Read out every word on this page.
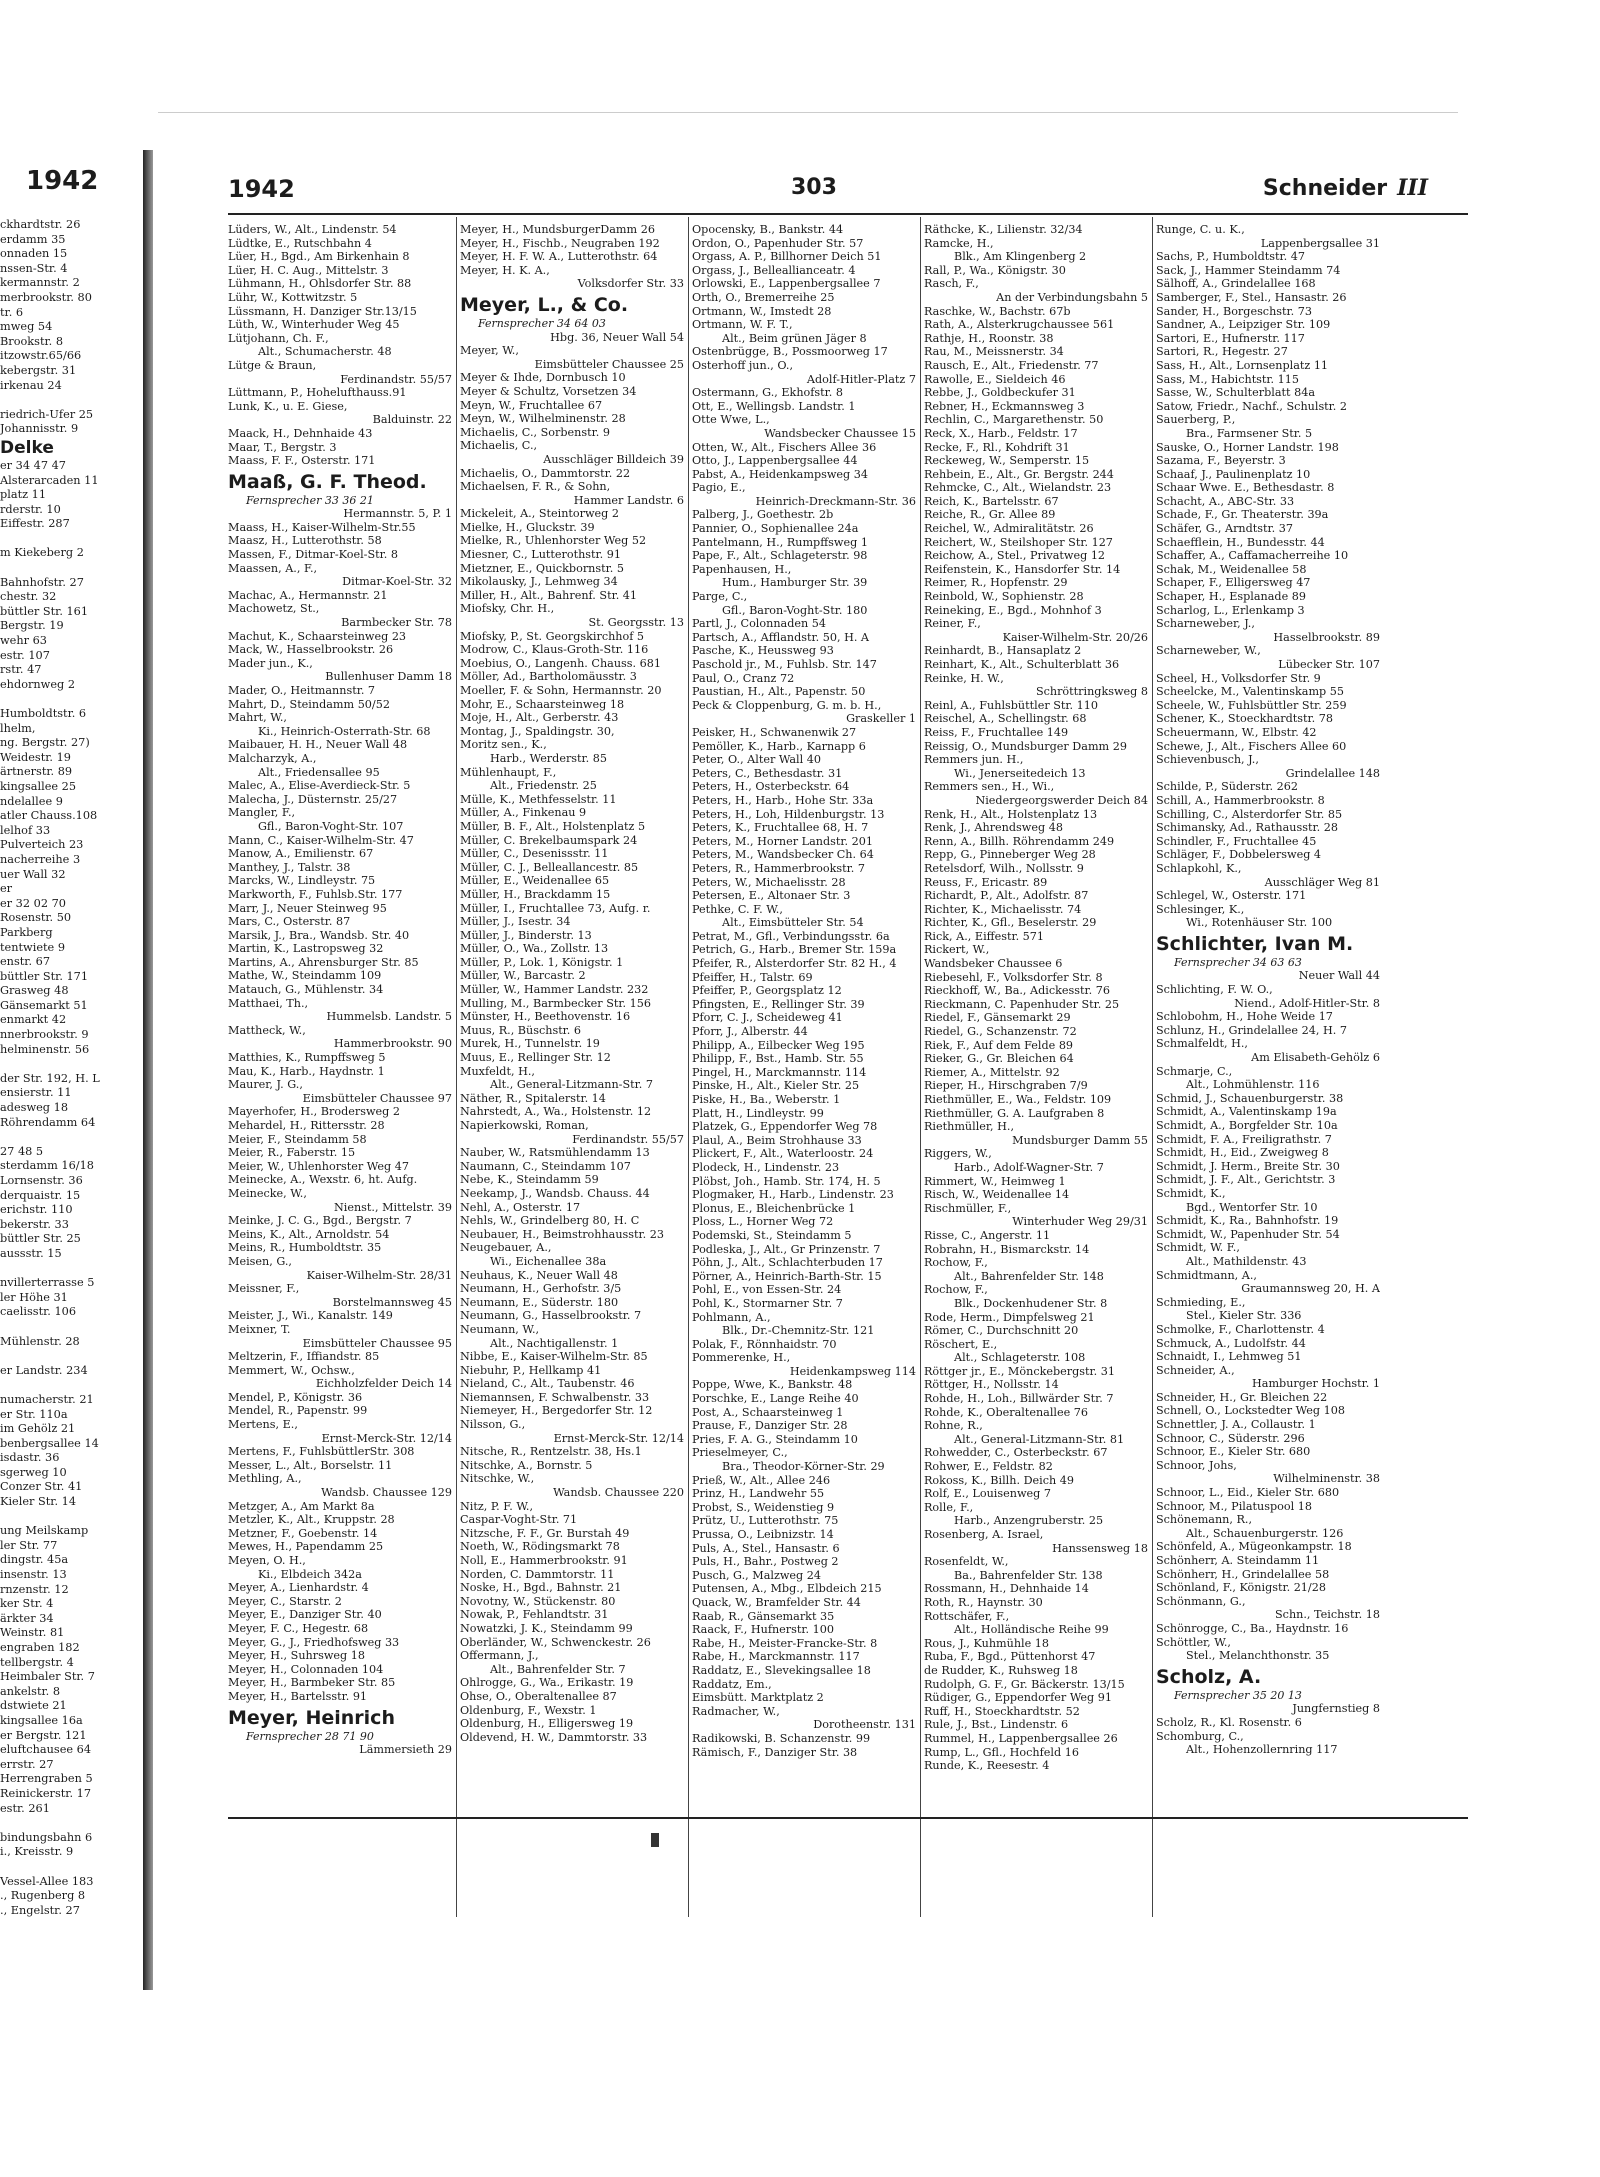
1942
ckhardtstr. 26
erdamm 35
onnaden 15
nssen-Str. 4
kermannstr. 2
merbrookstr. 80
tr. 6
mweg 54
Brookstr. 8
itzowstr.65/66
kebergstr. 31
irkenau 24

riedrich-Ufer 25
Johannisstr. 9
Delke
er 34 47 47
Alsterarcaden 11
platz 11
rderstr. 10
Eiffestr. 287

m Kiekeberg 2

Bahnhofstr. 27
chestr. 32
büttler Str. 161
Bergstr. 19
wehr 63
estr. 107
rstr. 47
ehdornweg 2

Humboldtstr. 6
lhelm,
ng. Bergstr. 27)
Weidestr. 19
ärtnerstr. 89
kingsallee 25
ndelallee 9
atler Chauss.108
lelhof 33
Pulverteich 23
nacherreihe 3
uer Wall 32
er
er 32 02 70
Rosenstr. 50
Parkberg
tentwiete 9
enstr. 67
büttler Str. 171
Grasweg 48
Gänsemarkt 51
enmarkt 42
nnerbrookstr. 9
helminenstr. 56

der Str. 192, H. L
ensierstr. 11
adesweg 18
Röhrendamm 64

27 48 5
sterdamm 16/18
Lornsenstr. 36
derquaistr. 15
erichstr. 110
bekerstr. 33
büttler Str. 25
aussstr. 15

nvillerterrasse 5
ler Höhe 31
caelisstr. 106

Mühlenstr. 28

er Landstr. 234

numacherstr. 21
er Str. 110a
im Gehölz 21
benbergsallee 14
isdastr. 36
sgerweg 10
Conzer Str. 41
Kieler Str. 14

ung Meilskamp
ler Str. 77
dingstr. 45a
insenstr. 13
rnzenstr. 12
ker Str. 4
ärkter 34
Weinstr. 81
engraben 182
tellbergstr. 4
Heimbaler Str. 7
ankelstr. 8
dstwiete 21
kingsallee 16a
er Bergstr. 121
eluftchausee 64
errstr. 27
Herrengraben 5
Reinickerstr. 17
estr. 261

bindungsbahn 6
i., Kreisstr. 9

Vessel-Allee 183
., Rugenberg 8
., Engelstr. 27
1942	303	Schneider III
Lüders, W., Alt., Lindenstr. 54
Lüdtke, E., Rutschbahn 4
Lüer, H., Bgd., Am Birkenhain 8
Lüer, H. C. Aug., Mittelstr. 3
Lühmann, H., Ohlsdorfer Str. 88
Lühr, W., Kottwitzstr. 5
Lüssmann, H. Danziger Str.13/15
Lüth, W., Winterhuder Weg 45
Lütjohann, Ch. F.,
Alt., Schumacherstr. 48
Lütge & Braun,
Ferdinandstr. 55/57
Lüttmann, P., Hohelufthauss.91
Lunk, K., u. E. Giese,
Balduinstr. 22
Maack, H., Dehnhaide 43
Maar, T., Bergstr. 3
Maass, F. F., Osterstr. 171
Maaß, G. F. Theod.
Fernsprecher 33 36 21
Hermannstr. 5, P. 1
Maass, H., Kaiser-Wilhelm-Str.55
Maasz, H., Lutterothstr. 58
Massen, F., Ditmar-Koel-Str. 8
Maassen, A., F.,
Ditmar-Koel-Str. 32
Machac, A., Hermannstr. 21
Machowetz, St.,
Barmbecker Str. 78
Machut, K., Schaarsteinweg 23
Mack, W., Hasselbrookstr. 26
Mader jun., K.,
Bullenhuser Damm 18
Mader, O., Heitmannstr. 7
Mahrt, D., Steindamm 50/52
Mahrt, W.,
Ki., Heinrich-Osterrath-Str. 68
Maibauer, H. H., Neuer Wall 48
Malcharzyk, A.,
Alt., Friedensallee 95
Malec, A., Elise-Averdieck-Str. 5
Malecha, J., Düsternstr. 25/27
Mangler, F.,
Gfl., Baron-Voght-Str. 107
Mann, C., Kaiser-Wilhelm-Str. 47
Manow, A., Emilienstr. 67
Manthey, J., Talstr. 38
Marcks, W., Lindleystr. 75
Markworth, F., Fuhlsb.Str. 177
Marr, J., Neuer Steinweg 95
Mars, C., Osterstr. 87
Marsik, J., Bra., Wandsb. Str. 40
Martin, K., Lastropsweg 32
Martins, A., Ahrensburger Str. 85
Mathe, W., Steindamm 109
Matauch, G., Mühlenstr. 34
Matthaei, Th.,
Hummelsb. Landstr. 5
Mattheck, W.,
Hammerbrookstr. 90
Matthies, K., Rumpffsweg 5
Mau, K., Harb., Haydnstr. 1
Maurer, J. G.,
Eimsbütteler Chaussee 97
Mayerhofer, H., Brodersweg 2
Mehardel, H., Rittersstr. 28
Meier, F., Steindamm 58
Meier, R., Faberstr. 15
Meier, W., Uhlenhorster Weg 47
Meinecke, A., Wexstr. 6, ht. Aufg.
Meinecke, W.,
Nienst., Mittelstr. 39
Meinke, J. C. G., Bgd., Bergstr. 7
Meins, K., Alt., Arnoldstr. 54
Meins, R., Humboldtstr. 35
Meisen, G.,
Kaiser-Wilhelm-Str. 28/31
Meissner, F.,
Borstelmannsweg 45
Meister, J., Wi., Kanalstr. 149
Meixner, T.
Eimsbütteler Chaussee 95
Meltzerin, F., Iffiandstr. 85
Memmert, W., Ochsw.,
Eichholzfelder Deich 14
Mendel, P., Königstr. 36
Mendel, R., Papenstr. 99
Mertens, E.,
Ernst-Merck-Str. 12/14
Mertens, F., FuhlsbüttlerStr. 308
Messer, L., Alt., Borselstr. 11
Methling, A.,
Wandsb. Chaussee 129
Metzger, A., Am Markt 8a
Metzler, K., Alt., Kruppstr. 28
Metzner, F., Goebenstr. 14
Mewes, H., Papendamm 25
Meyen, O. H.,
Ki., Elbdeich 342a
Meyer, A., Lienhardstr. 4
Meyer, C., Starstr. 2
Meyer, E., Danziger Str. 40
Meyer, F. C., Hegestr. 68
Meyer, G., J., Friedhofsweg 33
Meyer, H., Suhrsweg 18
Meyer, H., Colonnaden 104
Meyer, H., Barmbeker Str. 85
Meyer, H., Bartelsstr. 91
Meyer, Heinrich
Fernsprecher 28 71 90
Lämmersieth 29
Meyer, H., MundsburgerDamm 26
Meyer, H., Fischb., Neugraben 192
Meyer, H. F. W. A., Lutterothstr. 64
Meyer, H. K. A.,
Volksdorfer Str. 33
Meyer, L., & Co.
Fernsprecher 34 64 03
Hbg. 36, Neuer Wall 54
Meyer, W.,
Eimsbütteler Chaussee 25
Meyer & Ihde, Dornbusch 10
Meyer & Schultz, Vorsetzen 34
Meyn, W., Fruchtallee 67
Meyn, W., Wilhelminenstr. 28
Michaelis, C., Sorbenstr. 9
Michaelis, C.,
Ausschläger Billdeich 39
Michaelis, O., Dammtorstr. 22
Michaelsen, F. R., & Sohn,
Hammer Landstr. 6
Mickeleit, A., Steintorweg 2
Mielke, H., Gluckstr. 39
Mielke, R., Uhlenhorster Weg 52
Miesner, C., Lutterothstr. 91
Mietzner, E., Quickbornstr. 5
Mikolausky, J., Lehmweg 34
Miller, H., Alt., Bahrenf. Str. 41
Miofsky, Chr. H.,
St. Georgsstr. 13
Miofsky, P., St. Georgskirchhof 5
Modrow, C., Klaus-Groth-Str. 116
Moebius, O., Langenh. Chauss. 681
Möller, Ad., Bartholomäusstr. 3
Moeller, F. & Sohn, Hermannstr. 20
Mohr, E., Schaarsteinweg 18
Moje, H., Alt., Gerberstr. 43
Montag, J., Spaldingstr. 30,
Moritz sen., K.,
Harb., Werderstr. 85
Mühlenhaupt, F.,
Alt., Friedenstr. 25
Mülle, K., Methfesselstr. 11
Müller, A., Finkenau 9
Müller, B. F., Alt., Holstenplatz 5
Müller, C. Brekelbaumspark 24
Müller, C., Desenissstr. 11
Müller, C. J., Belleallancestr. 85
Müller, E., Weidenallee 65
Müller, H., Brackdamm 15
Müller, I., Fruchtallee 73, Aufg. r.
Müller, J., Isestr. 34
Müller, J., Binderstr. 13
Müller, O., Wa., Zollstr. 13
Müller, P., Lok. 1, Königstr. 1
Müller, W., Barcastr. 2
Müller, W., Hammer Landstr. 232
Mulling, M., Barmbecker Str. 156
Münster, H., Beethovenstr. 16
Muus, R., Büschstr. 6
Murek, H., Tunnelstr. 19
Muus, E., Rellinger Str. 12
Muxfeldt, H.,
Alt., General-Litzmann-Str. 7
Näther, R., Spitalerstr. 14
Nahrstedt, A., Wa., Holstenstr. 12
Napierkowski, Roman,
Ferdinandstr. 55/57
Nauber, W., Ratsmühlendamm 13
Naumann, C., Steindamm 107
Nebe, K., Steindamm 59
Neekamp, J., Wandsb. Chauss. 44
Nehl, A., Osterstr. 17
Nehls, W., Grindelberg 80, H. C
Neubauer, H., Beimstrohhausstr. 23
Neugebauer, A.,
Wi., Eichenallee 38a
Neuhaus, K., Neuer Wall 48
Neumann, H., Gerhofstr. 3/5
Neumann, E., Süderstr. 180
Neumann, G., Hasselbrookstr. 7
Neumann, W.,
Alt., Nachtigallenstr. 1
Nibbe, E., Kaiser-Wilhelm-Str. 85
Niebuhr, P., Hellkamp 41
Nieland, C., Alt., Taubenstr. 46
Niemannsen, F. Schwalbenstr. 33
Niemeyer, H., Bergedorfer Str. 12
Nilsson, G.,
Ernst-Merck-Str. 12/14
Nitsche, R., Rentzelstr. 38, Hs.1
Nitschke, A., Bornstr. 5
Nitschke, W.,
Wandsb. Chaussee 220
Nitz, P. F. W.,
Caspar-Voght-Str. 71
Nitzsche, F. F., Gr. Burstah 49
Noeth, W., Rödingsmarkt 78
Noll, E., Hammerbrookstr. 91
Norden, C. Dammtorstr. 11
Noske, H., Bgd., Bahnstr. 21
Novotny, W., Stückenstr. 80
Nowak, P., Fehlandtstr. 31
Nowatzki, J. K., Steindamm 99
Oberländer, W., Schwenckestr. 26
Offermann, J.,
Alt., Bahrenfelder Str. 7
Ohlrogge, G., Wa., Erikastr. 19
Ohse, O., Oberaltenallee 87
Oldenburg, F., Wexstr. 1
Oldenburg, H., Elligersweg 19
Oldevend, H. W., Dammtorstr. 33
Opocensky, B., Bankstr. 44
Ordon, O., Papenhuder Str. 57
Orgass, A. P., Billhorner Deich 51
Orgass, J., Belleallianceatr. 4
Orlowski, E., Lappenbergsallee 7
Orth, O., Bremerreihe 25
Ortmann, W., Imstedt 28
Ortmann, W. F. T.,
Alt., Beim grünen Jäger 8
Ostenbrügge, B., Possmoorweg 17
Osterhoff jun., O.,
Adolf-Hitler-Platz 7
Ostermann, G., Ekhofstr. 8
Ott, E., Wellingsb. Landstr. 1
Otte Wwe, L.,
Wandsbecker Chaussee 15
Otten, W., Alt., Fischers Allee 36
Otto, J., Lappenbergsallee 44
Pabst, A., Heidenkampsweg 34
Pagio, E.,
Heinrich-Dreckmann-Str. 36
Palberg, J., Goethestr. 2b
Pannier, O., Sophienallee 24a
Pantelmann, H., Rumpffsweg 1
Pape, F., Alt., Schlageterstr. 98
Papenhausen, H.,
Hum., Hamburger Str. 39
Parge, C.,
Gfl., Baron-Voght-Str. 180
Partl, J., Colonnaden 54
Partsch, A., Afflandstr. 50, H. A
Pasche, K., Heussweg 93
Paschold jr., M., Fuhlsb. Str. 147
Paul, O., Cranz 72
Paustian, H., Alt., Papenstr. 50
Peck & Cloppenburg, G. m. b. H.,
Graskeller 1
Peisker, H., Schwanenwik 27
Pemöller, K., Harb., Karnapp 6
Peter, O., Alter Wall 40
Peters, C., Bethesdastr. 31
Peters, H., Osterbeckstr. 64
Peters, H., Harb., Hohe Str. 33a
Peters, H., Loh, Hildenburgstr. 13
Peters, K., Fruchtallee 68, H. 7
Peters, M., Horner Landstr. 201
Peters, M., Wandsbecker Ch. 64
Peters, R., Hammerbrookstr. 7
Peters, W., Michaelisstr. 28
Petersen, E., Altonaer Str. 3
Pethke, C. F. W.,
Alt., Eimsbütteler Str. 54
Petrat, M., Gfl., Verbindungsstr. 6a
Petrich, G., Harb., Bremer Str. 159a
Pfeifer, R., Alsterdorfer Str. 82 H., 4
Pfeiffer, H., Talstr. 69
Pfeiffer, P., Georgsplatz 12
Pfingsten, E., Rellinger Str. 39
Pforr, C. J., Scheideweg 41
Pforr, J., Alberstr. 44
Philipp, A., Eilbecker Weg 195
Philipp, F., Bst., Hamb. Str. 55
Pingel, H., Marckmannstr. 114
Pinske, H., Alt., Kieler Str. 25
Piske, H., Ba., Weberstr. 1
Platt, H., Lindleystr. 99
Platzek, G., Eppendorfer Weg 78
Plaul, A., Beim Strohhause 33
Plickert, F., Alt., Waterloostr. 24
Plodeck, H., Lindenstr. 23
Plöbst, Joh., Hamb. Str. 174, H. 5
Plogmaker, H., Harb., Lindenstr. 23
Plonus, E., Bleichenbrücke 1
Ploss, L., Horner Weg 72
Podemski, St., Steindamm 5
Podleska, J., Alt., Gr Prinzenstr. 7
Pöhn, J., Alt., Schlachterbuden 17
Pörner, A., Heinrich-Barth-Str. 15
Pohl, E., von Essen-Str. 24
Pohl, K., Stormarner Str. 7
Pohlmann, A.,
Blk., Dr.-Chemnitz-Str. 121
Polak, F., Rönnhaidstr. 70
Pommerenke, H.,
Heidenkampsweg 114
Poppe, Wwe, K., Bankstr. 48
Porschke, E., Lange Reihe 40
Post, A., Schaarsteinweg 1
Prause, F., Danziger Str. 28
Pries, F. A. G., Steindamm 10
Prieselmeyer, C.,
Bra., Theodor-Körner-Str. 29
Prieß, W., Alt., Allee 246
Prinz, H., Landwehr 55
Probst, S., Weidenstieg 9
Prütz, U., Lutterothstr. 75
Prussa, O., Leibnizstr. 14
Puls, A., Stel., Hansastr. 6
Puls, H., Bahr., Postweg 2
Pusch, G., Malzweg 24
Putensen, A., Mbg., Elbdeich 215
Quack, W., Bramfelder Str. 44
Raab, R., Gänsemarkt 35
Raack, F., Hufnerstr. 100
Rabe, H., Meister-Francke-Str. 8
Rabe, H., Marckmannstr. 117
Raddatz, E., Slevekingsallee 18
Raddatz, Em.,
Eimsbütt. Marktplatz 2
Radmacher, W.,
Dorotheenstr. 131
Radikowski, B. Schanzenstr. 99
Rämisch, F., Danziger Str. 38
Räthcke, K., Lilienstr. 32/34
Ramcke, H.,
Blk., Am Klingenberg 2
Rall, P., Wa., Königstr. 30
Rasch, F.,
An der Verbindungsbahn 5
Raschke, W., Bachstr. 67b
Rath, A., Alsterkrugchaussee 561
Rathje, H., Roonstr. 38
Rau, M., Meissnerstr. 34
Rausch, E., Alt., Friedenstr. 77
Rawolle, E., Sieldeich 46
Rebbe, J., Goldbeckufer 31
Rebner, H., Eckmannsweg 3
Rechlin, C., Margarethenstr. 50
Reck, X., Harb., Feldstr. 17
Recke, F., Rl., Kohdrift 31
Reckeweg, W., Semperstr. 15
Rehbein, E., Alt., Gr. Bergstr. 244
Rehmcke, C., Alt., Wielandstr. 23
Reich, K., Bartelsstr. 67
Reiche, R., Gr. Allee 89
Reichel, W., Admiralitätstr. 26
Reichert, W., Steilshoper Str. 127
Reichow, A., Stel., Privatweg 12
Reifenstein, K., Hansdorfer Str. 14
Reimer, R., Hopfenstr. 29
Reinbold, W., Sophienstr. 28
Reineking, E., Bgd., Mohnhof 3
Reiner, F.,
Kaiser-Wilhelm-Str. 20/26
Reinhardt, B., Hansaplatz 2
Reinhart, K., Alt., Schulterblatt 36
Reinke, H. W.,
Schröttringksweg 8
Reinl, A., Fuhlsbüttler Str. 110
Reischel, A., Schellingstr. 68
Reiss, F., Fruchtallee 149
Reissig, O., Mundsburger Damm 29
Remmers jun. H.,
Wi., Jenerseitedeich 13
Remmers sen., H., Wi.,
Niedergeorgswerder Deich 84
Renk, H., Alt., Holstenplatz 13
Renk, J., Ahrendsweg 48
Renn, A., Billh. Röhrendamm 249
Repp, G., Pinneberger Weg 28
Retelsdorf, Wilh., Nollsstr. 9
Reuss, F., Ericastr. 89
Richardt, P., Alt., Adolfstr. 87
Richter, K., Michaelisstr. 74
Richter, K., Gfl., Beselerstr. 29
Rick, A., Eiffestr. 571
Rickert, W.,
Wandsbeker Chaussee 6
Riebesehl, F., Volksdorfer Str. 8
Rieckhoff, W., Ba., Adickesstr. 76
Rieckmann, C. Papenhuder Str. 25
Riedel, F., Gänsemarkt 29
Riedel, G., Schanzenstr. 72
Riek, F., Auf dem Felde 89
Rieker, G., Gr. Bleichen 64
Riemer, A., Mittelstr. 92
Rieper, H., Hirschgraben 7/9
Riethmüller, E., Wa., Feldstr. 109
Riethmüller, G. A. Laufgraben 8
Riethmüller, H.,
Mundsburger Damm 55
Riggers, W.,
Harb., Adolf-Wagner-Str. 7
Rimmert, W., Heimweg 1
Risch, W., Weidenallee 14
Rischmüller, F.,
Winterhuder Weg 29/31
Risse, C., Angerstr. 11
Robrahn, H., Bismarckstr. 14
Rochow, F.,
Alt., Bahrenfelder Str. 148
Rochow, F.,
Blk., Dockenhudener Str. 8
Rode, Herm., Dimpfelsweg 21
Römer, C., Durchschnitt 20
Röschert, E.,
Alt., Schlageterstr. 108
Röttger jr., E., Mönckebergstr. 31
Röttger, H., Nollsstr. 14
Rohde, H., Loh., Billwärder Str. 7
Rohde, K., Oberaltenallee 76
Rohne, R.,
Alt., General-Litzmann-Str. 81
Rohwedder, C., Osterbeckstr. 67
Rohwer, E., Feldstr. 82
Rokoss, K., Billh. Deich 49
Rolf, E., Louisenweg 7
Rolle, F.,
Harb., Anzengruberstr. 25
Rosenberg, A. Israel,
Hanssensweg 18
Rosenfeldt, W.,
Ba., Bahrenfelder Str. 138
Rossmann, H., Dehnhaide 14
Roth, R., Haynstr. 30
Rottschäfer, F.,
Alt., Holländische Reihe 99
Rous, J., Kuhmühle 18
Ruba, F., Bgd., Püttenhorst 47
de Rudder, K., Ruhsweg 18
Rudolph, G. F., Gr. Bäckerstr. 13/15
Rüdiger, G., Eppendorfer Weg 91
Ruff, H., Stoeckhardtstr. 52
Rule, J., Bst., Lindenstr. 6
Rummel, H., Lappenbergsallee 26
Rump, L., Gfl., Hochfeld 16
Runde, K., Reesestr. 4
Runge, C. u. K.,
Lappenbergsallee 31
Sachs, P., Humboldtstr. 47
Sack, J., Hammer Steindamm 74
Sälhoff, A., Grindelallee 168
Samberger, F., Stel., Hansastr. 26
Sander, H., Borgeschstr. 73
Sandner, A., Leipziger Str. 109
Sartori, E., Hufnerstr. 117
Sartori, R., Hegestr. 27
Sass, H., Alt., Lornsenplatz 11
Sass, M., Habichtstr. 115
Sasse, W., Schulterblatt 84a
Satow, Friedr., Nachf., Schulstr. 2
Sauerberg, P.,
Bra., Farmsener Str. 5
Sauske, O., Horner Landstr. 198
Sazama, F., Beyerstr. 3
Schaaf, J., Paulinenplatz 10
Schaar Wwe. E., Bethesdastr. 8
Schacht, A., ABC-Str. 33
Schade, F., Gr. Theaterstr. 39a
Schäfer, G., Arndtstr. 37
Schaefflein, H., Bundesstr. 44
Schaffer, A., Caffamacherreihe 10
Schak, M., Weidenallee 58
Schaper, F., Elligersweg 47
Schaper, H., Esplanade 89
Scharlog, L., Erlenkamp 3
Scharneweber, J.,
Hasselbrookstr. 89
Scharneweber, W.,
Lübecker Str. 107
Scheel, H., Volksdorfer Str. 9
Scheelcke, M., Valentinskamp 55
Scheele, W., Fuhlsbüttler Str. 259
Schener, K., Stoeckhardtstr. 78
Scheuermann, W., Elbstr. 42
Schewe, J., Alt., Fischers Allee 60
Schievenbusch, J.,
Grindelallee 148
Schilde, P., Süderstr. 262
Schill, A., Hammerbrookstr. 8
Schilling, C., Alsterdorfer Str. 85
Schimansky, Ad., Rathausstr. 28
Schindler, F., Fruchtallee 45
Schläger, F., Dobbelersweg 4
Schlapkohl, K.,
Ausschläger Weg 81
Schlegel, W., Osterstr. 171
Schlesinger, K.,
Wi., Rotenhäuser Str. 100
Schlichter, Ivan M.
Fernsprecher 34 63 63
Neuer Wall 44
Schlichting, F. W. O.,
Niend., Adolf-Hitler-Str. 8
Schlobohm, H., Hohe Weide 17
Schlunz, H., Grindelallee 24, H. 7
Schmalfeldt, H.,
Am Elisabeth-Gehölz 6
Schmarje, C.,
Alt., Lohmühlenstr. 116
Schmid, J., Schauenburgerstr. 38
Schmidt, A., Valentinskamp 19a
Schmidt, A., Borgfelder Str. 10a
Schmidt, F. A., Freiligrathstr. 7
Schmidt, H., Eid., Zweigweg 8
Schmidt, J. Herm., Breite Str. 30
Schmidt, J. F., Alt., Gerichtstr. 3
Schmidt, K.,
Bgd., Wentorfer Str. 10
Schmidt, K., Ra., Bahnhofstr. 19
Schmidt, W., Papenhuder Str. 54
Schmidt, W. F.,
Alt., Mathildenstr. 43
Schmidtmann, A.,
Graumannsweg 20, H. A
Schmieding, E.,
Stel., Kieler Str. 336
Schmolke, F., Charlottenstr. 4
Schmuck, A., Ludolfstr. 44
Schnaidt, I., Lehmweg 51
Schneider, A.,
Hamburger Hochstr. 1
Schneider, H., Gr. Bleichen 22
Schnell, O., Lockstedter Weg 108
Schnettler, J. A., Collaustr. 1
Schnoor, C., Süderstr. 296
Schnoor, E., Kieler Str. 680
Schnoor, Johs,
Wilhelminenstr. 38
Schnoor, L., Eid., Kieler Str. 680
Schnoor, M., Pilatuspool 18
Schönemann, R.,
Alt., Schauenburgerstr. 126
Schönfeld, A., Mügeonkampstr. 18
Schönherr, A. Steindamm 11
Schönherr, H., Grindelallee 58
Schönland, F., Königstr. 21/28
Schönmann, G.,
Schn., Teichstr. 18
Schönrogge, C., Ba., Haydnstr. 16
Schöttler, W.,
Stel., Melanchthonstr. 35
Scholz, A.
Fernsprecher 35 20 13
Jungfernstieg 8
Scholz, R., Kl. Rosenstr. 6
Schomburg, C.,
Alt., Hohenzollernring 117
